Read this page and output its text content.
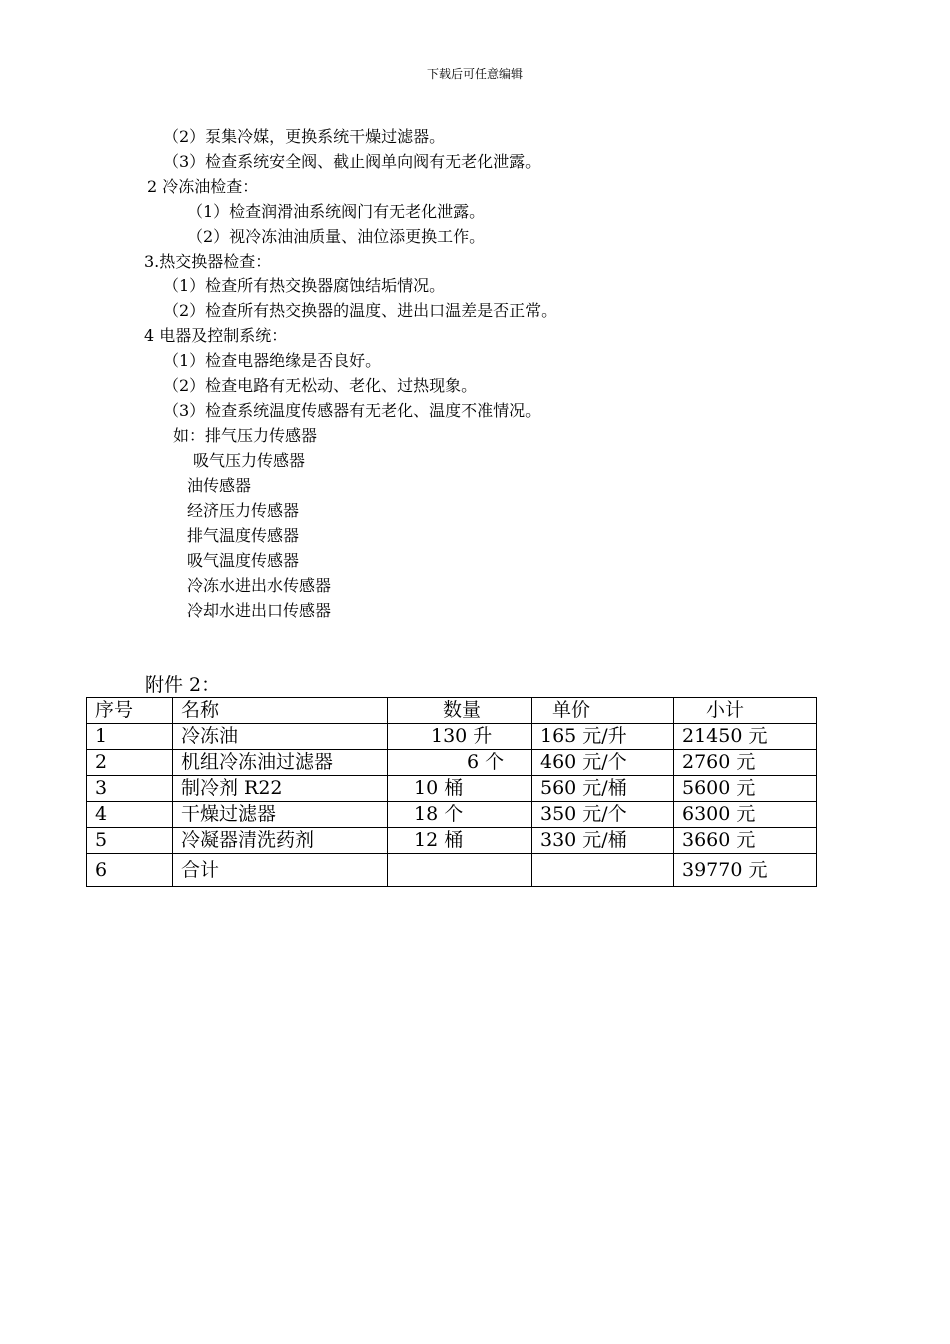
下载后可任意编辑
（2）泵集冷媒，更换系统干燥过滤器。
（3）检查系统安全阀、截止阀单向阀有无老化泄露。
2 冷冻油检查：
（1）检查润滑油系统阀门有无老化泄露。
（2）视冷冻油油质量、油位添更换工作。
3.热交换器检查：
（1）检查所有热交换器腐蚀结垢情况。
（2）检查所有热交换器的温度、进出口温差是否正常。
4 电器及控制系统：
（1）检查电器绝缘是否良好。
（2）检查电路有无松动、老化、过热现象。
（3）检查系统温度传感器有无老化、温度不准情况。
如：排气压力传感器
吸气压力传感器
油传感器
经济压力传感器
排气温度传感器
吸气温度传感器
冷冻水进出水传感器
冷却水进出口传感器
附件 2：
序号	名称	数量	单价	小计
1	冷冻油	130 升	165 元/升	21450 元
2	机组冷冻油过滤器	6 个	460 元/个	2760 元
3	制冷剂 R22	10 桶	560 元/桶	5600 元
4	干燥过滤器	18 个	350 元/个	6300 元
5	冷凝器清洗药剂	12 桶	330 元/桶	3660 元
6	合计			39770 元
